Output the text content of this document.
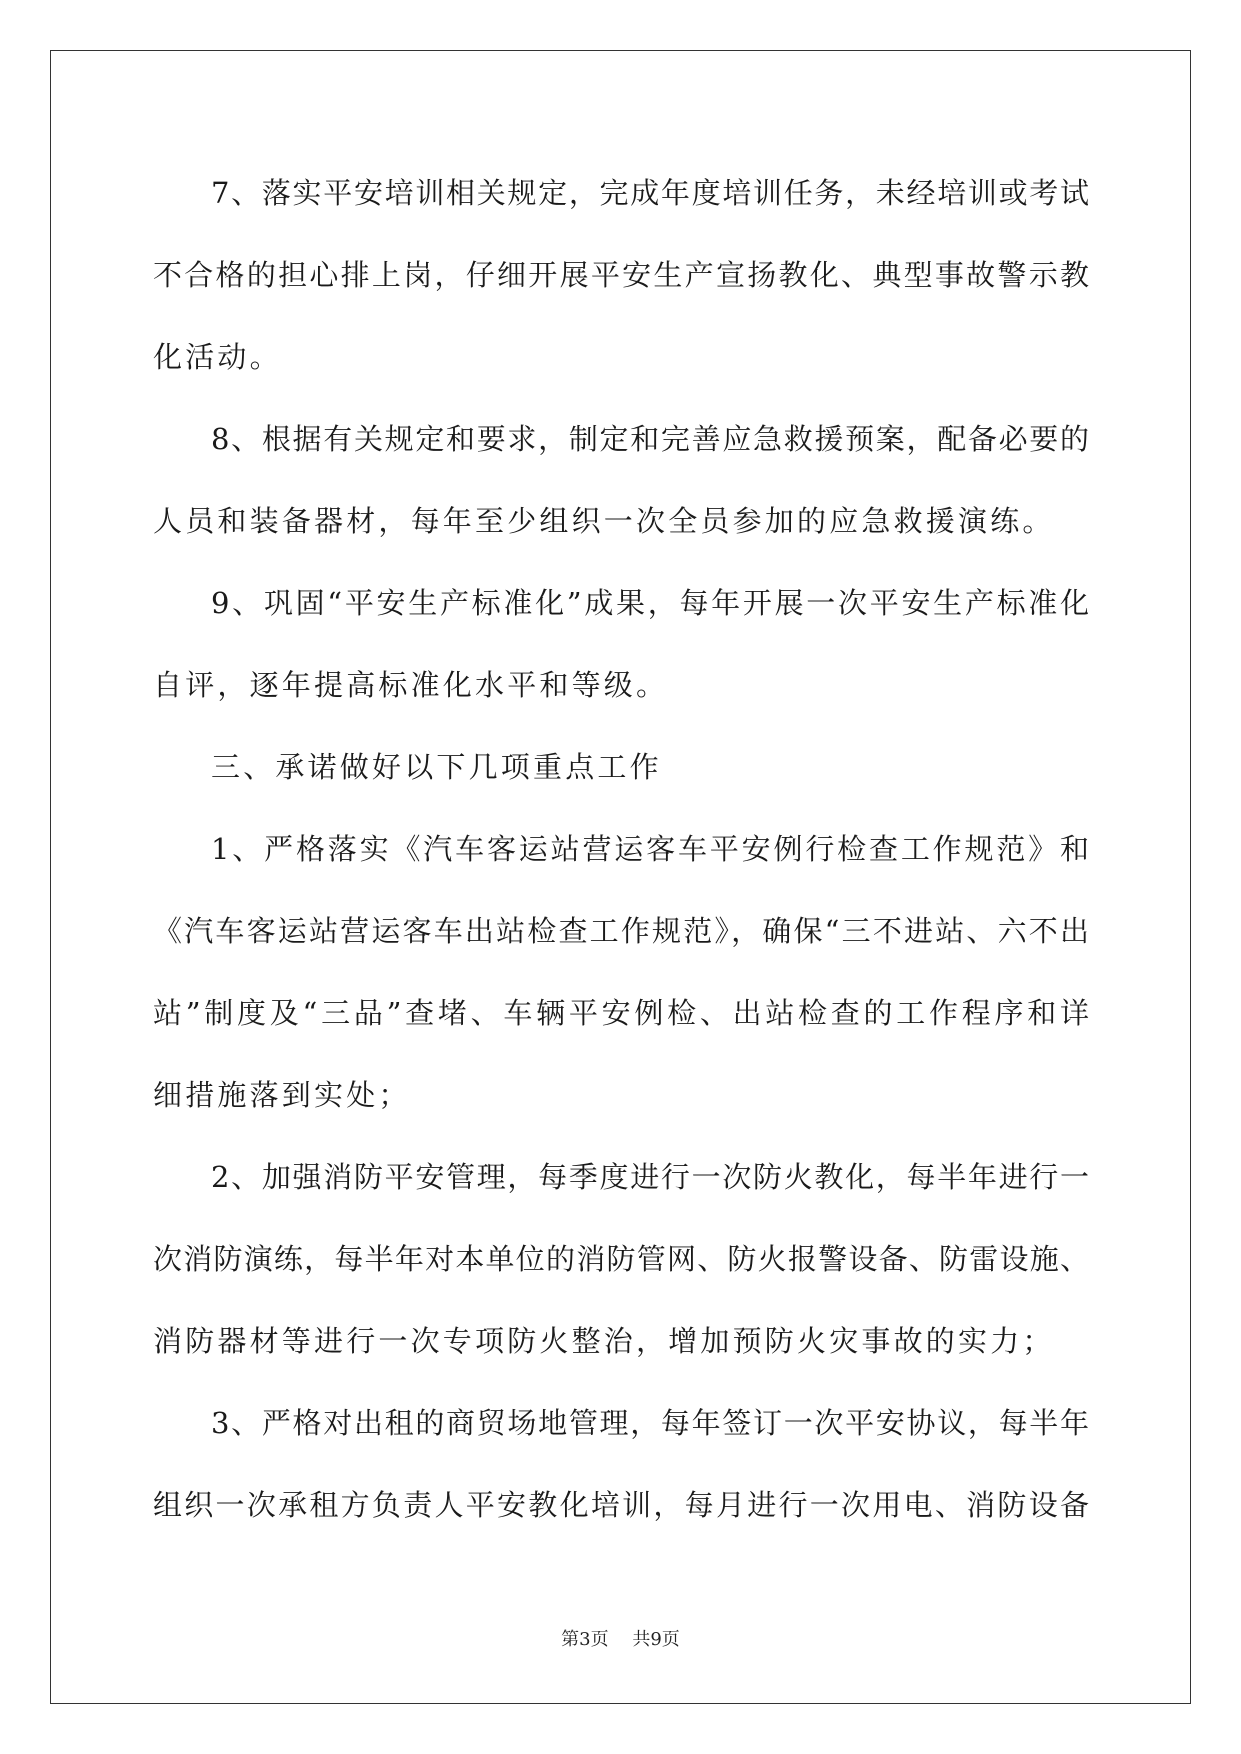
7、落实平安培训相关规定，完成年度培训任务，未经培训或考试
不合格的担心排上岗，仔细开展平安生产宣扬教化、典型事故警示教
化活动。
8、根据有关规定和要求，制定和完善应急救援预案，配备必要的
人员和装备器材，每年至少组织一次全员参加的应急救援演练。
9、巩固“平安生产标准化”成果，每年开展一次平安生产标准化
自评，逐年提高标准化水平和等级。
三、承诺做好以下几项重点工作
1、严格落实《汽车客运站营运客车平安例行检查工作规范》和
《汽车客运站营运客车出站检查工作规范》，确保“三不进站、六不出
站”制度及“三品”查堵、车辆平安例检、出站检查的工作程序和详
细措施落到实处；
2、加强消防平安管理，每季度进行一次防火教化，每半年进行一
次消防演练，每半年对本单位的消防管网、防火报警设备、防雷设施、
消防器材等进行一次专项防火整治，增加预防火灾事故的实力；
3、严格对出租的商贸场地管理，每年签订一次平安协议，每半年
组织一次承租方负责人平安教化培训，每月进行一次用电、消防设备
第3页 共9页
